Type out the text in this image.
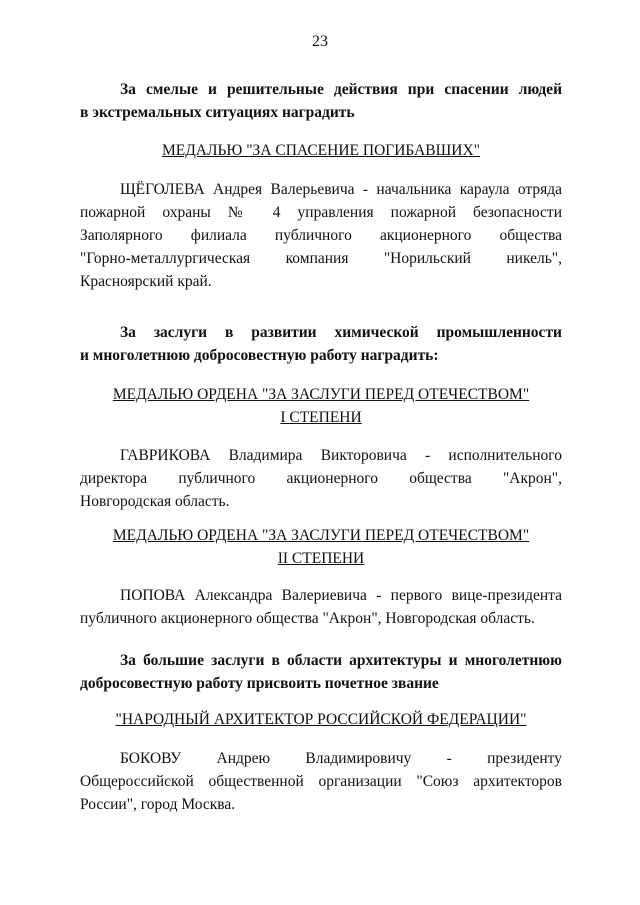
23
За смелые и решительные действия при спасении людей
в экстремальных ситуациях наградить
МЕДАЛЬЮ "ЗА СПАСЕНИЕ ПОГИБАВШИХ"
ЩЁГОЛЕВА Андрея Валерьевича - начальника караула отряда
пожарной охраны № 4 управления пожарной безопасности
Заполярного филиала публичного акционерного общества
"Горно-металлургическая компания "Норильский никель",
Красноярский край.
За заслуги в развитии химической промышленности
и многолетнюю добросовестную работу наградить:
МЕДАЛЬЮ ОРДЕНА "ЗА ЗАСЛУГИ ПЕРЕД ОТЕЧЕСТВОМ"
I СТЕПЕНИ
ГАВРИКОВА Владимира Викторовича - исполнительного
директора публичного акционерного общества "Акрон",
Новгородская область.
МЕДАЛЬЮ ОРДЕНА "ЗА ЗАСЛУГИ ПЕРЕД ОТЕЧЕСТВОМ"
II СТЕПЕНИ
ПОПОВА Александра Валериевича - первого вице-президента
публичного акционерного общества "Акрон", Новгородская область.
За большие заслуги в области архитектуры и многолетнюю
добросовестную работу присвоить почетное звание
"НАРОДНЫЙ АРХИТЕКТОР РОССИЙСКОЙ ФЕДЕРАЦИИ"
БОКОВУ Андрею Владимировичу - президенту
Общероссийской общественной организации "Союз архитекторов
России", город Москва.
